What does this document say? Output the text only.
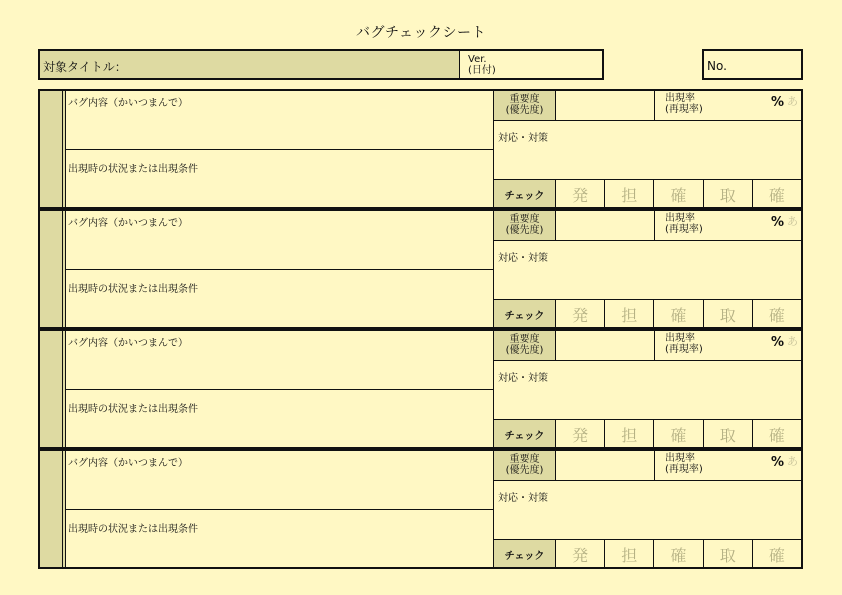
バグチェックシート
対象タイトル：
Ver.
(日付)	No.
バグ内容（かいつまんで）
出現時の状況または出現条件
重要度
(優先度)
出現率
(再現率)	% あ
対応・対策
チェック	発	担	確	取	確
バグ内容（かいつまんで）
出現時の状況または出現条件
重要度
(優先度)
出現率
(再現率)	% あ
対応・対策
チェック	発	担	確	取	確
バグ内容（かいつまんで）
出現時の状況または出現条件
重要度
(優先度)
出現率
(再現率)	% あ
対応・対策
チェック	発	担	確	取	確
バグ内容（かいつまんで）
出現時の状況または出現条件
重要度
(優先度)
出現率
(再現率)	% あ
対応・対策
チェック	発	担	確	取	確
